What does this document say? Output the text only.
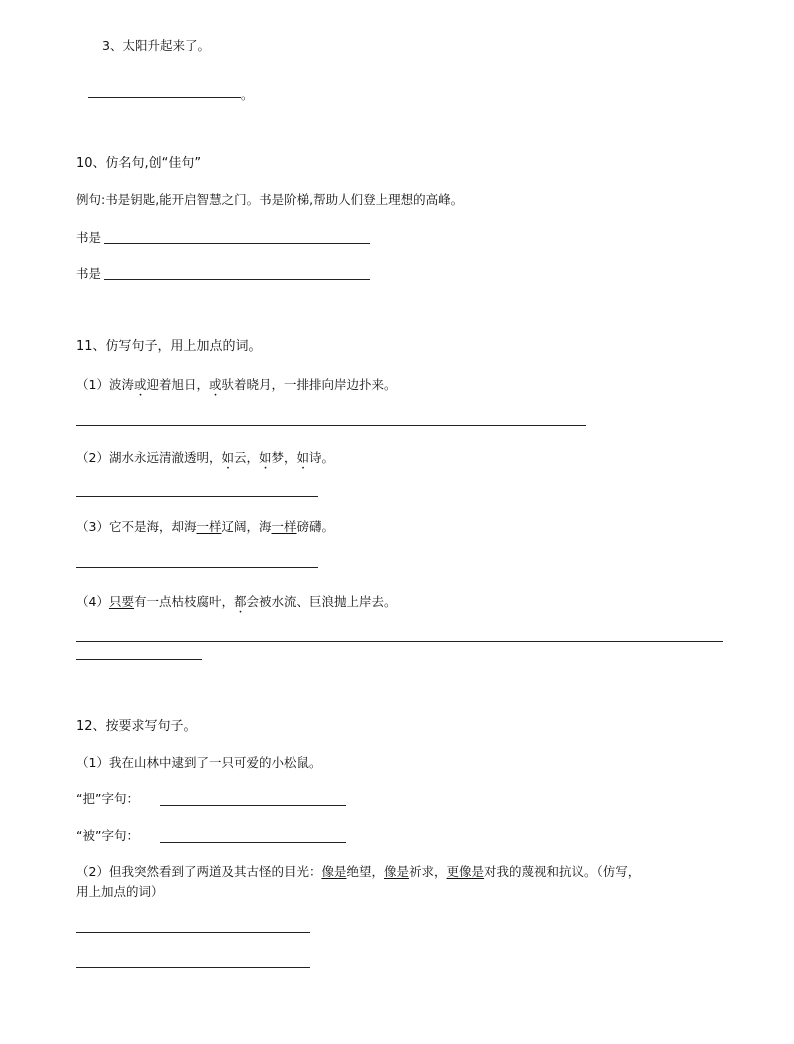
3、太阳升起来了。
。
10、仿名句,创“佳句”
例句:书是钥匙,能开启智慧之门。书是阶梯,帮助人们登上理想的高峰。
书是
书是
11、仿写句子，用上加点的词。
（1）波涛或迎着旭日，或驮着晓月，一排排向岸边扑来。
（2）湖水永远清澈透明，如云，如梦，如诗。
（3）它不是海，却海一样辽阔，海一样磅礴。
（4）只要有一点枯枝腐叶，都会被水流、巨浪抛上岸去。
12、按要求写句子。
（1）我在山林中逮到了一只可爱的小松鼠。
“把”字句：
“被”字句：
（2）但我突然看到了两道及其古怪的目光：像是绝望，像是祈求，更像是对我的蔑视和抗议。（仿写，
用上加点的词）
